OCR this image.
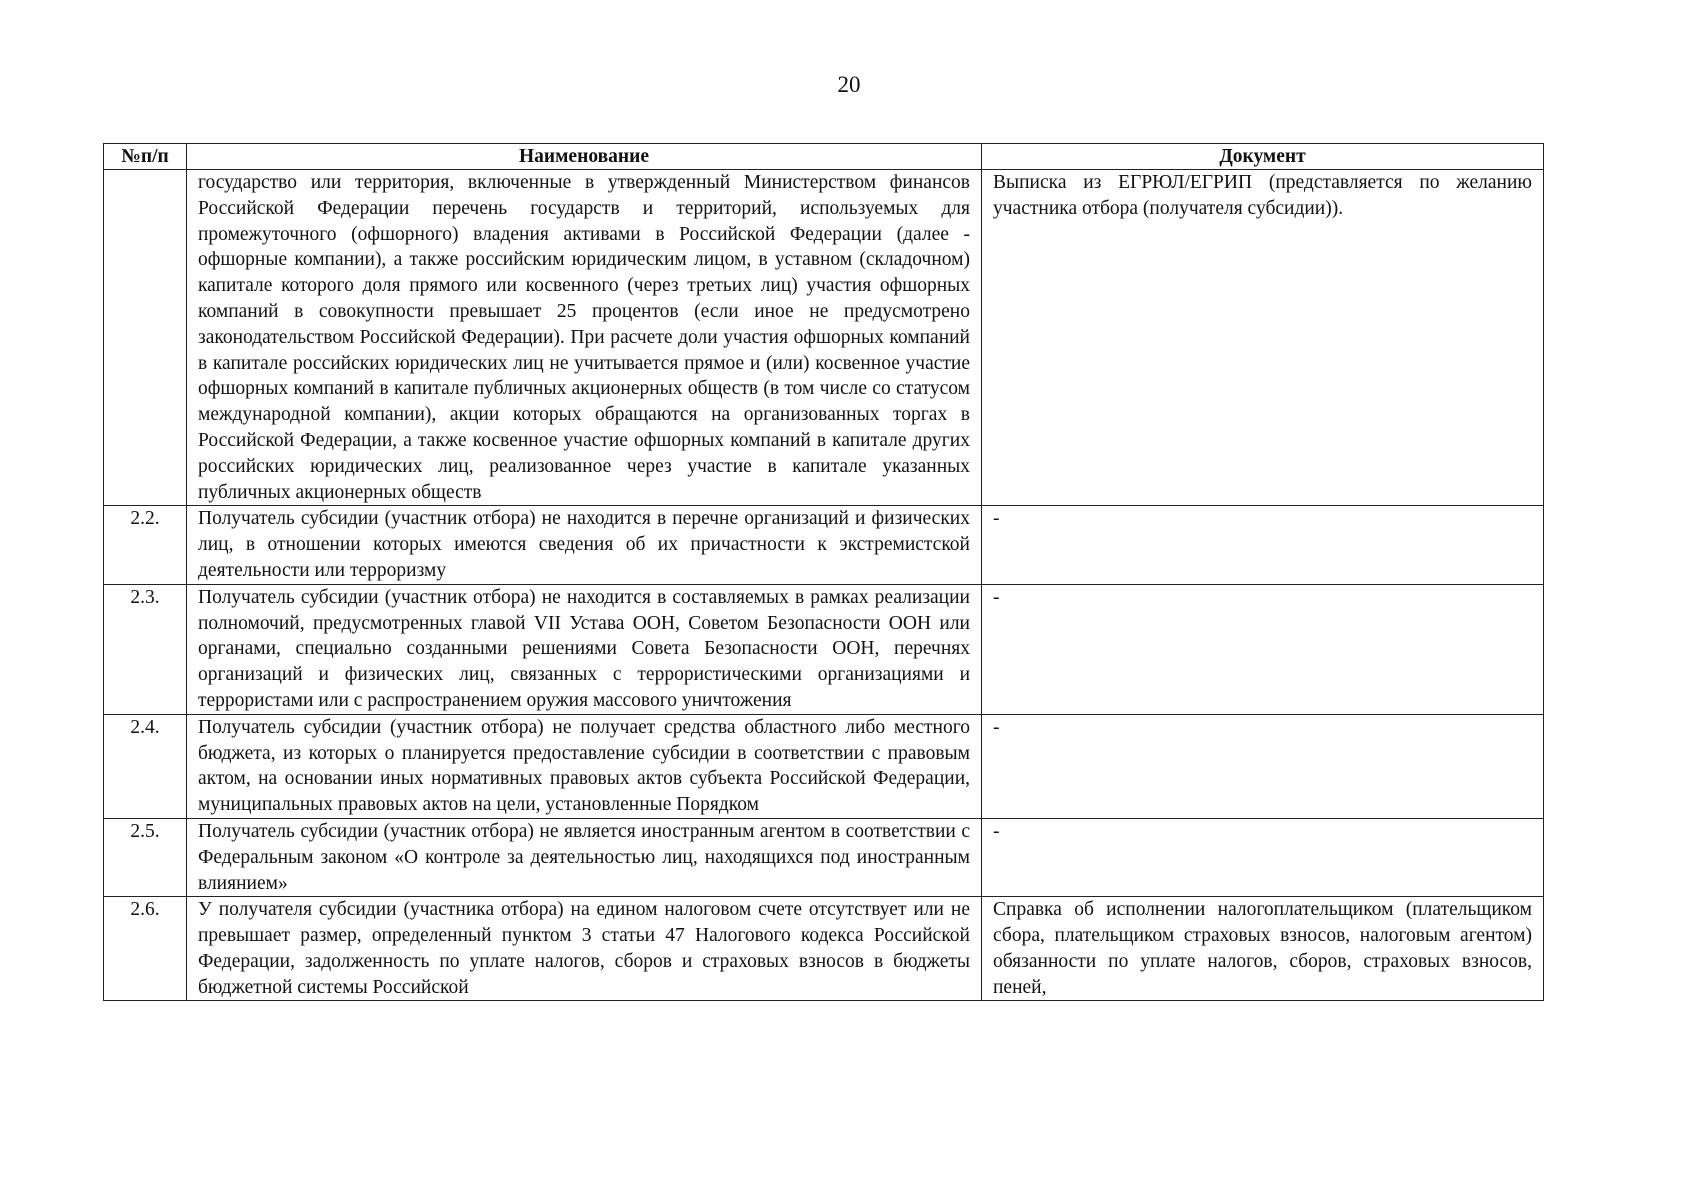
20
№п/п	Наименование	Документ
	государство или территория, включенные в утвержденный Министерством финансов Российской Федерации перечень государств и территорий, используемых для промежуточного (офшорного) владения активами в Российской Федерации (далее - офшорные компании), а также российским юридическим лицом, в уставном (складочном) капитале которого доля прямого или косвенного (через третьих лиц) участия офшорных компаний в совокупности превышает 25 процентов (если иное не предусмотрено законодательством Российской Федерации). При расчете доли участия офшорных компаний в капитале российских юридических лиц не учитывается прямое и (или) косвенное участие офшорных компаний в капитале публичных акционерных обществ (в том числе со статусом международной компании), акции которых обращаются на организованных торгах в Российской Федерации, а также косвенное участие офшорных компаний в капитале других российских юридических лиц, реализованное через участие в капитале указанных публичных акционерных обществ	Выписка из ЕГРЮЛ/ЕГРИП (представляется по желанию участника отбора (получателя субсидии)).
2.2.	Получатель субсидии (участник отбора) не находится в перечне организаций и физических лиц, в отношении которых имеются сведения об их причастности к экстремистской деятельности или терроризму	-
2.3.	Получатель субсидии (участник отбора) не находится в составляемых в рамках реализации полномочий, предусмотренных главой VII Устава ООН, Советом Безопасности ООН или органами, специально созданными решениями Совета Безопасности ООН, перечнях организаций и физических лиц, связанных с террористическими организациями и террористами или с распространением оружия массового уничтожения	-
2.4.	Получатель субсидии (участник отбора) не получает средства областного либо местного бюджета, из которых о планируется предоставление субсидии в соответствии с правовым актом, на основании иных нормативных правовых актов субъекта Российской Федерации, муниципальных правовых актов на цели, установленные Порядком	-
2.5.	Получатель субсидии (участник отбора) не является иностранным агентом в соответствии с Федеральным законом «О контроле за деятельностью лиц, находящихся под иностранным влиянием»	-
2.6.	У получателя субсидии (участника отбора) на едином налоговом счете отсутствует или не превышает размер, определенный пунктом 3 статьи 47 Налогового кодекса Российской Федерации, задолженность по уплате налогов, сборов и страховых взносов в бюджеты бюджетной системы Российской	Справка об исполнении налогоплательщиком (плательщиком сбора, плательщиком страховых взносов, налоговым агентом) обязанности по уплате налогов, сборов, страховых взносов, пеней,
